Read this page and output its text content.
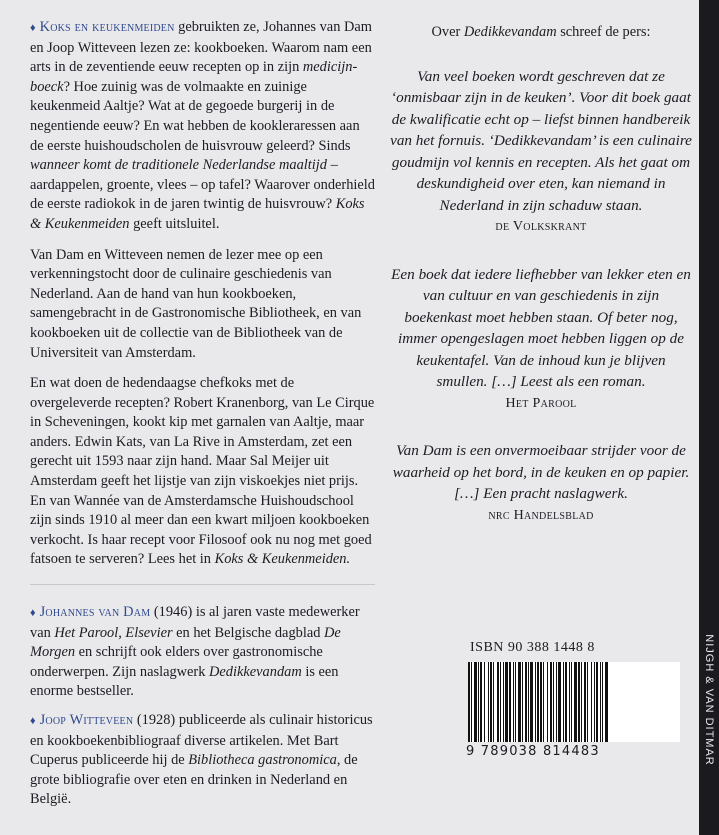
♦ Koks en keukenmeiden gebruikten ze, Johannes van Dam en Joop Witteveen lezen ze: kookboeken. Waarom nam een arts in de zeventiende eeuw recepten op in zijn medicijn-boeck? Hoe zuinig was de volmaakte en zuinige keukenmeid Aaltje? Wat at de gegoede burgerij in de negentiende eeuw? En wat hebben de kookleraressen aan de eerste huishoudscholen de huisvrouw geleerd? Sinds wanneer komt de traditionele Nederlandse maaltijd – aardappelen, groente, vlees – op tafel? Waarover onderhield de eerste radiokok in de jaren twintig de huisvrouw? Koks & Keukenmeiden geeft uitsluitel.

Van Dam en Witteveen nemen de lezer mee op een verkenningstocht door de culinaire geschiedenis van Nederland. Aan de hand van hun kookboeken, samengebracht in de Gastronomische Bibliotheek, en van kookboeken uit de collectie van de Bibliotheek van de Universiteit van Amsterdam.

En wat doen de hedendaagse chefkoks met de overgeleverde recepten? Robert Kranenborg, van Le Cirque in Scheveningen, kookt kip met garnalen van Aaltje, maar anders. Edwin Kats, van La Rive in Amsterdam, zet een gerecht uit 1593 naar zijn hand. Maar Sal Meijer uit Amsterdam geeft het lijstje van zijn viskoekjes niet prijs. En van Wannée van de Amsterdamsche Huishoudschool zijn sinds 1910 al meer dan een kwart miljoen kookboeken verkocht. Is haar recept voor Filosoof ook nu nog met goed fatsoen te serveren? Lees het in Koks & Keukenmeiden.

♦ Johannes van Dam (1946) is al jaren vaste medewerker van Het Parool, Elsevier en het Belgische dagblad De Morgen en schrijft ook elders over gastronomische onderwerpen. Zijn naslagwerk Dedikkevandam is een enorme bestseller.

♦ Joop Witteveen (1928) publiceerde als culinair historicus en kookboekenbibliograaf diverse artikelen. Met Bart Cuperus publiceerde hij de Bibliotheca gastronomica, de grote bibliografie over eten en drinken in Nederland en België.

Over Dedikkevandam schreef de pers:
Van veel boeken wordt geschreven dat ze ‘onmisbaar zijn in de keuken’. Voor dit boek gaat de kwalificatie echt op – liefst binnen handbereik van het fornuis. ‘Dedikkevandam’ is een culinaire goudmijn vol kennis en recepten. Als het gaat om deskundigheid over eten, kan niemand in Nederland in zijn schaduw staan.
de Volkskrant
Een boek dat iedere liefhebber van lekker eten en van cultuur en van geschiedenis in zijn boekenkast moet hebben staan. Of beter nog, immer opengeslagen moet hebben liggen op de keukentafel. Van de inhoud kun je blijven smullen. […] Leest als een roman.
Het Parool
Van Dam is een onvermoeibaar strijder voor de waarheid op het bord, in de keuken en op papier. […] Een pracht naslagwerk.
nrc Handelsblad
ISBN 90 388 1448 8
9 789038 814483	NIJGH & VAN DITMAR
